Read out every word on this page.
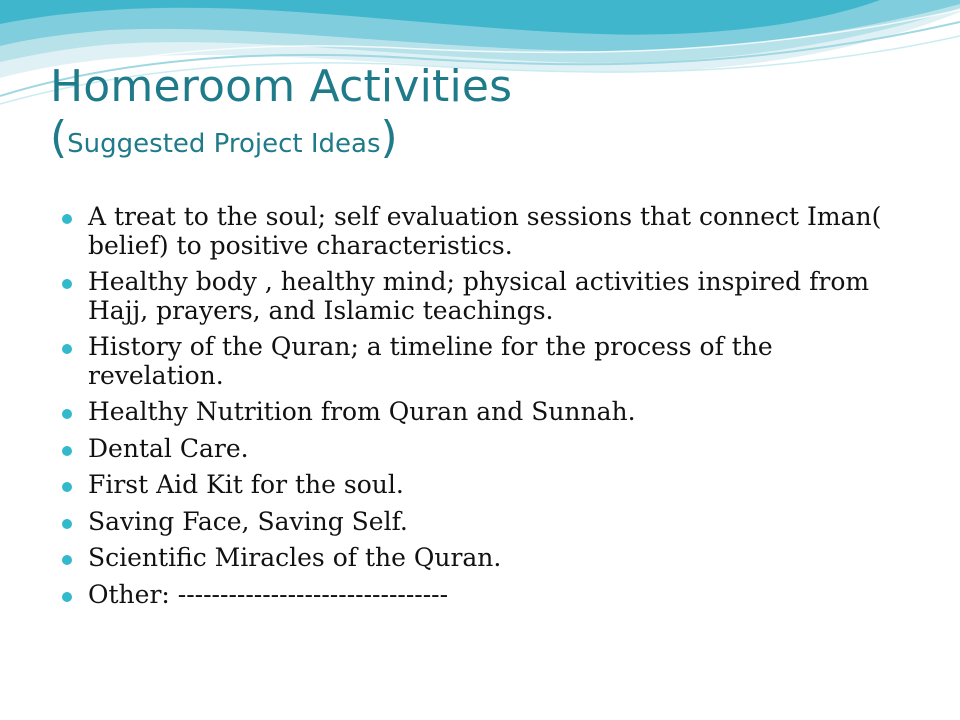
Homeroom Activities
(Suggested Project Ideas)
A treat to the soul; self evaluation sessions that connect Iman( belief) to positive characteristics.
Healthy body , healthy mind; physical activities inspired from Hajj, prayers, and Islamic teachings.
History of the Quran; a timeline for the process of the revelation.
Healthy Nutrition from Quran and Sunnah.
Dental Care.
First Aid Kit for the soul.
Saving Face, Saving Self.
Scientific Miracles of the Quran.
Other: --------------------------------
